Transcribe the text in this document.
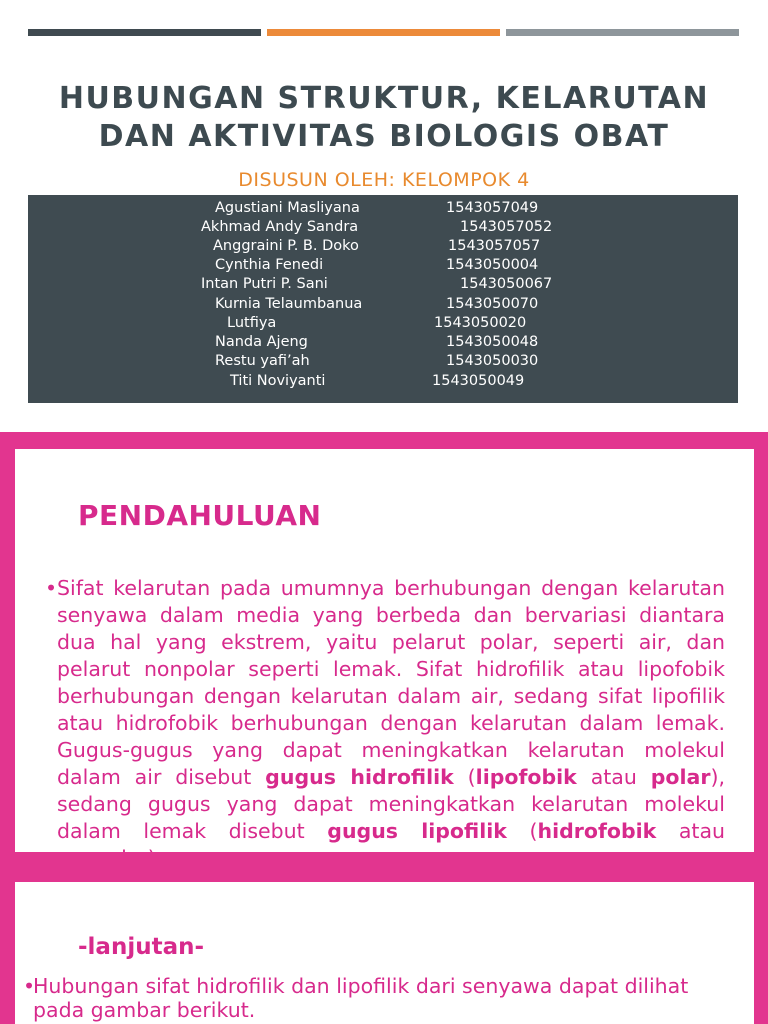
HUBUNGAN STRUKTUR, KELARUTAN
DAN AKTIVITAS BIOLOGIS OBAT
DISUSUN OLEH: KELOMPOK 4
Agustiani Masliyana	1543057049
Akhmad Andy Sandra	1543057052
Anggraini P. B. Doko	1543057057
Cynthia Fenedi	1543050004
Intan Putri P. Sani	1543050067
Kurnia Telaumbanua	1543050070
Lutfiya	1543050020
Nanda Ajeng	1543050048
Restu yafi’ah	1543050030
Titi Noviyanti	1543050049
PENDAHULUAN
• Sifat kelarutan pada umumnya berhubungan dengan kelarutan senyawa dalam media yang berbeda dan bervariasi diantara dua hal yang ekstrem, yaitu pelarut polar, seperti air, dan pelarut nonpolar seperti lemak. Sifat hidrofilik atau lipofobik berhubungan dengan kelarutan dalam air, sedang sifat lipofilik atau hidrofobik berhubungan dengan kelarutan dalam lemak. Gugus-gugus yang dapat meningkatkan kelarutan molekul dalam air disebut gugus hidrofilik (lipofobik atau polar), sedang gugus yang dapat meningkatkan kelarutan molekul dalam lemak disebut gugus lipofilik (hidrofobik atau
-lanjutan-
•
Hubungan sifat hidrofilik dan lipofilik dari senyawa dapat dilihat pada gambar berikut.
